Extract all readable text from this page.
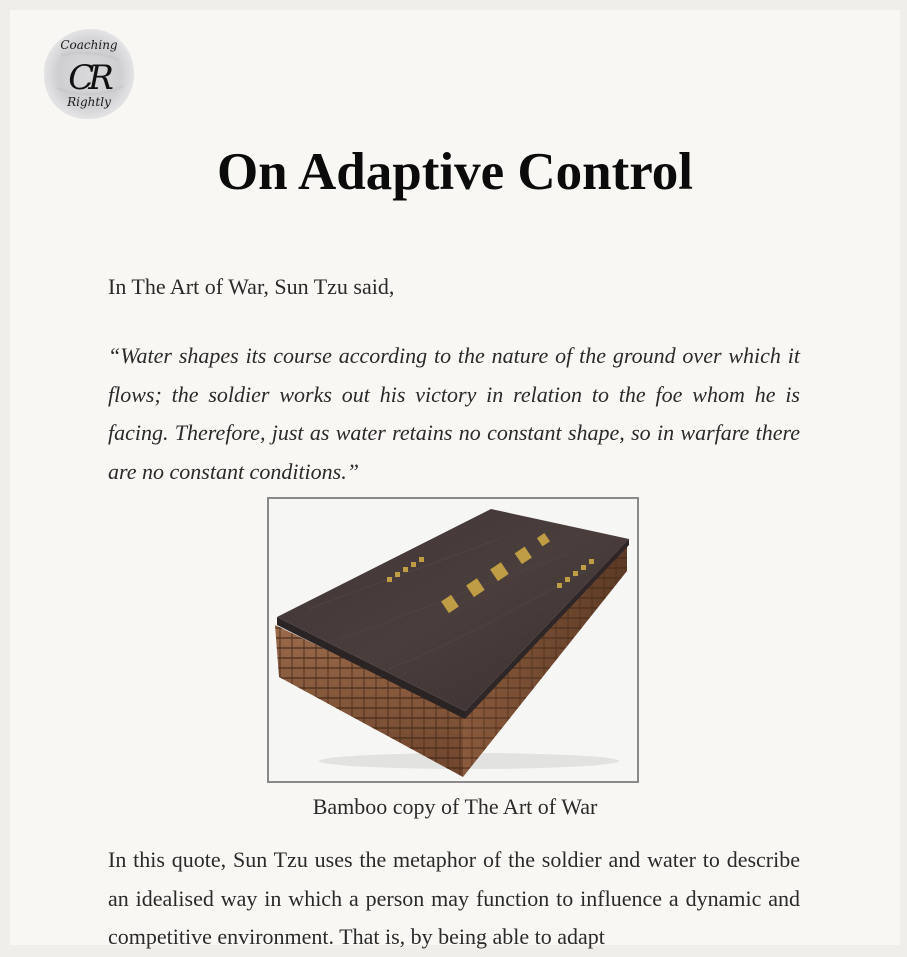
Coaching
CR
Rightly
On Adaptive Control

In The Art of War, Sun Tzu said,

“Water shapes its course according to the nature of the ground over which it flows; the soldier works out his victory in relation to the foe whom he is facing. Therefore, just as water retains no constant shape, so in warfare there are no constant conditions.”

Bamboo copy of The Art of War

In this quote, Sun Tzu uses the metaphor of the soldier and water to describe an idealised way in which a person may function to influence a dynamic and competitive environment. That is, by being able to adapt
